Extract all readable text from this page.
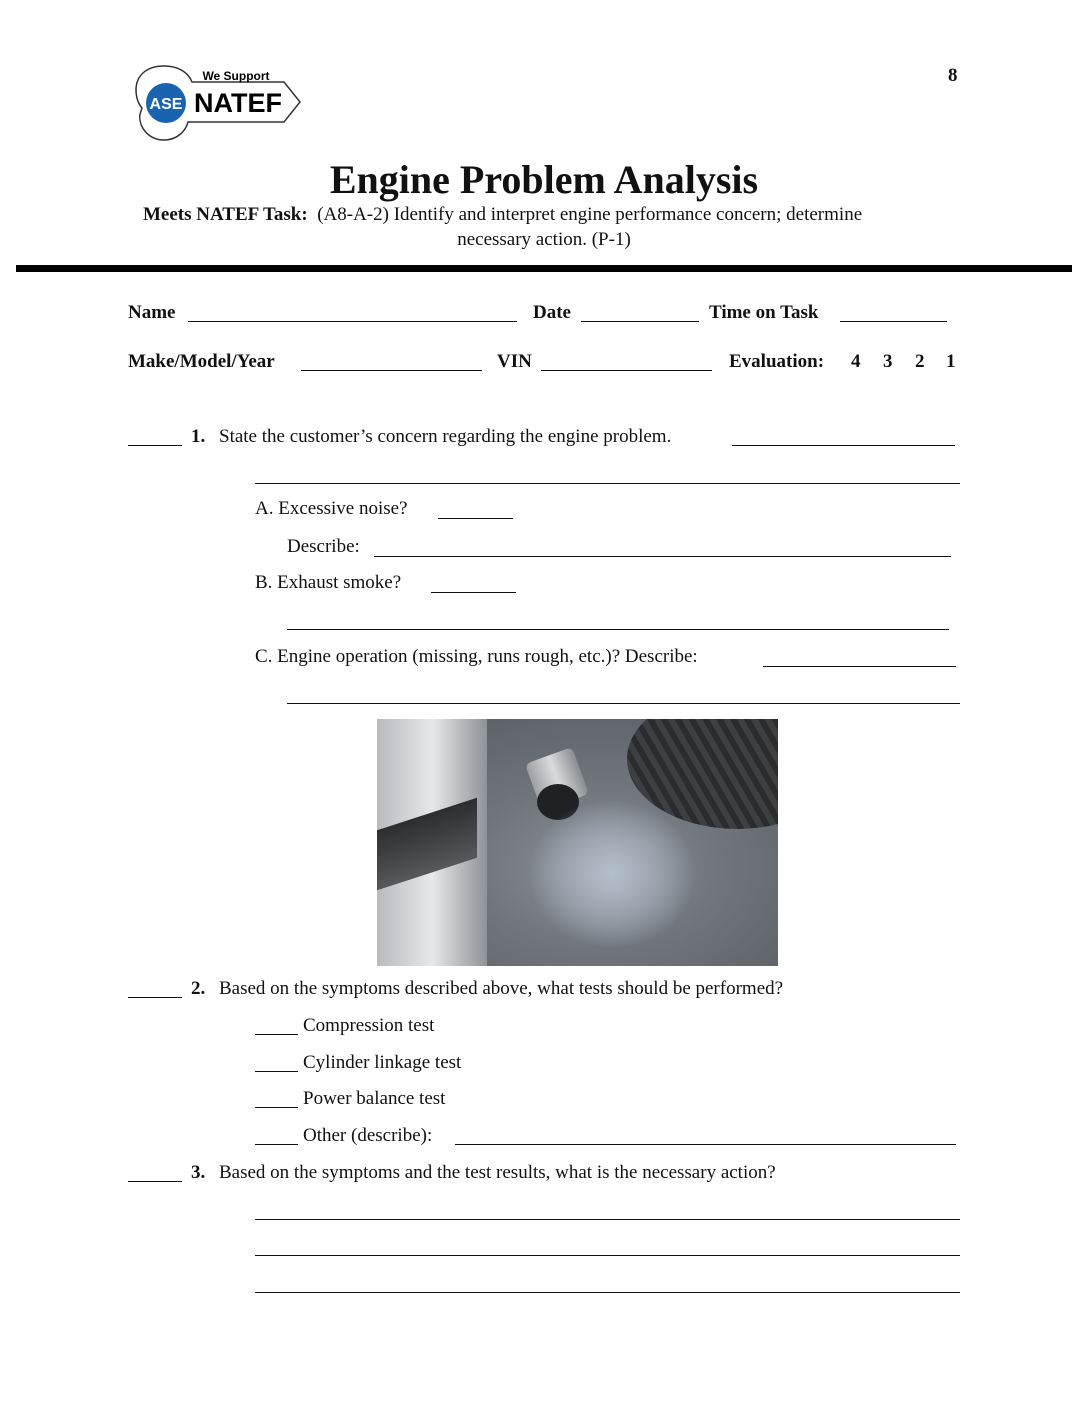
8
ASE
We Support
NATEF
Engine Problem Analysis
Meets NATEF Task: (A8-A-2) Identify and interpret engine performance concern; determine
necessary action. (P-1)
Name	Date	Time on Task
Make/Model/Year	VIN	Evaluation: 4 3 2 1
1. State the customer’s concern regarding the engine problem.
A. Excessive noise?
Describe:
B. Exhaust smoke?
C. Engine operation (missing, runs rough, etc.)? Describe:
2. Based on the symptoms described above, what tests should be performed?
Compression test
Cylinder linkage test
Power balance test
Other (describe):
3. Based on the symptoms and the test results, what is the necessary action?
